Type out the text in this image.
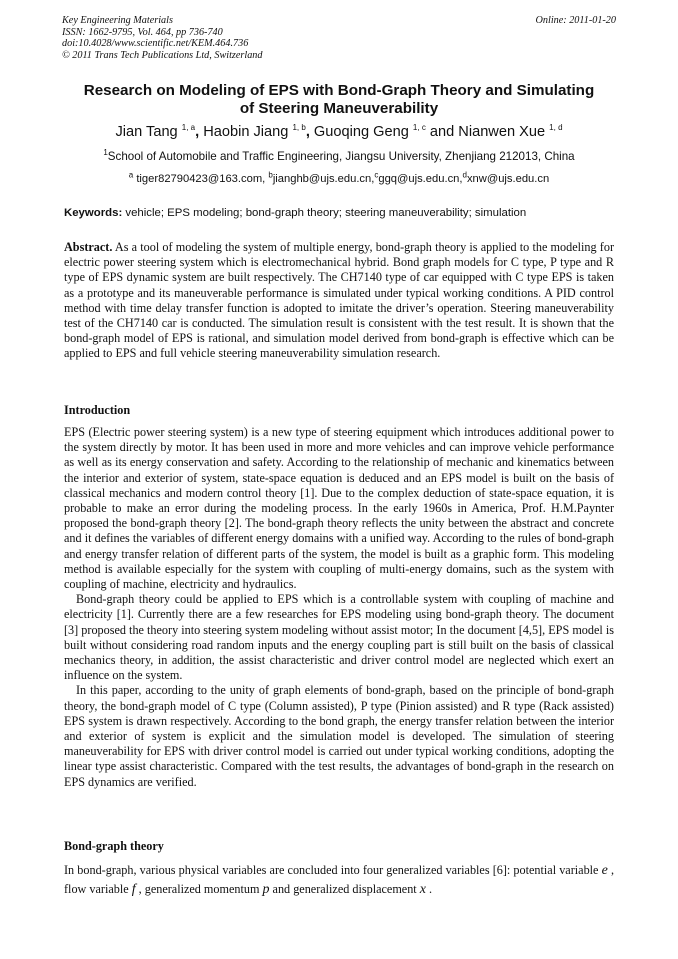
Key Engineering Materials
ISSN: 1662-9795, Vol. 464, pp 736-740
doi:10.4028/www.scientific.net/KEM.464.736
© 2011 Trans Tech Publications Ltd, Switzerland
Online: 2011-01-20
Research on Modeling of EPS with Bond-Graph Theory and Simulating
of Steering Maneuverability
Jian Tang $^{1, a}$, Haobin Jiang $^{1, b}$, Guoqing Geng $^{1, c}$ and Nianwen Xue $^{1, d}$
$^1$School of Automobile and Traffic Engineering, Jiangsu University, Zhenjiang 212013, China
$^a$ tiger82790423@163.com, $^b$jianghb@ujs.edu.cn,$^c$ggq@ujs.edu.cn,$^d$xnw@ujs.edu.cn
Keywords: vehicle; EPS modeling; bond-graph theory; steering maneuverability; simulation
Abstract. As a tool of modeling the system of multiple energy, bond-graph theory is applied to the modeling for electric power steering system which is electromechanical hybrid. Bond graph models for C type, P type and R type of EPS dynamic system are built respectively. The CH7140 type of car equipped with C type EPS is taken as a prototype and its maneuverable performance is simulated under typical working conditions. A PID control method with time delay transfer function is adopted to imitate the driver’s operation. Steering maneuverability test of the CH7140 car is conducted. The simulation result is consistent with the test result. It is shown that the bond-graph model of EPS is rational, and simulation model derived from bond-graph is effective which can be applied to EPS and full vehicle steering maneuverability simulation research.
Introduction

EPS (Electric power steering system) is a new type of steering equipment which introduces additional power to the system directly by motor. It has been used in more and more vehicles and can improve vehicle performance as well as its energy conservation and safety. According to the relationship of mechanic and kinematics between the interior and exterior of system, state-space equation is deduced and an EPS model is built on the basis of classical mechanics and modern control theory [1]. Due to the complex deduction of state-space equation, it is probable to make an error during the modeling process. In the early 1960s in America, Prof. H.M.Paynter proposed the bond-graph theory [2]. The bond-graph theory reflects the unity between the abstract and concrete and it defines the variables of different energy domains with a unified way. According to the rules of bond-graph and energy transfer relation of different parts of the system, the model is built as a graphic form. This modeling method is available especially for the system with coupling of multi-energy domains, such as the system with coupling of machine, electricity and hydraulics.

Bond-graph theory could be applied to EPS which is a controllable system with coupling of machine and electricity [1]. Currently there are a few researches for EPS modeling using bond-graph theory. The document [3] proposed the theory into steering system modeling without assist motor; In the document [4,5], EPS model is built without considering road random inputs and the energy coupling part is still built on the basis of classical mechanics theory, in addition, the assist characteristic and driver control model are neglected which exert an influence on the system.

In this paper, according to the unity of graph elements of bond-graph, based on the principle of bond-graph theory, the bond-graph model of C type (Column assisted), P type (Pinion assisted) and R type (Rack assisted) EPS system is drawn respectively. According to the bond graph, the energy transfer relation between the interior and exterior of system is explicit and the simulation model is developed. The simulation of steering maneuverability for EPS with driver control model is carried out under typical working conditions, adopting the linear type assist characteristic. Compared with the test results, the advantages of bond-graph in the research on EPS dynamics are verified.

Bond-graph theory
In bond-graph, various physical variables are concluded into four generalized variables [6]: potential variable e , flow variable f , generalized momentum p and generalized displacement x .
